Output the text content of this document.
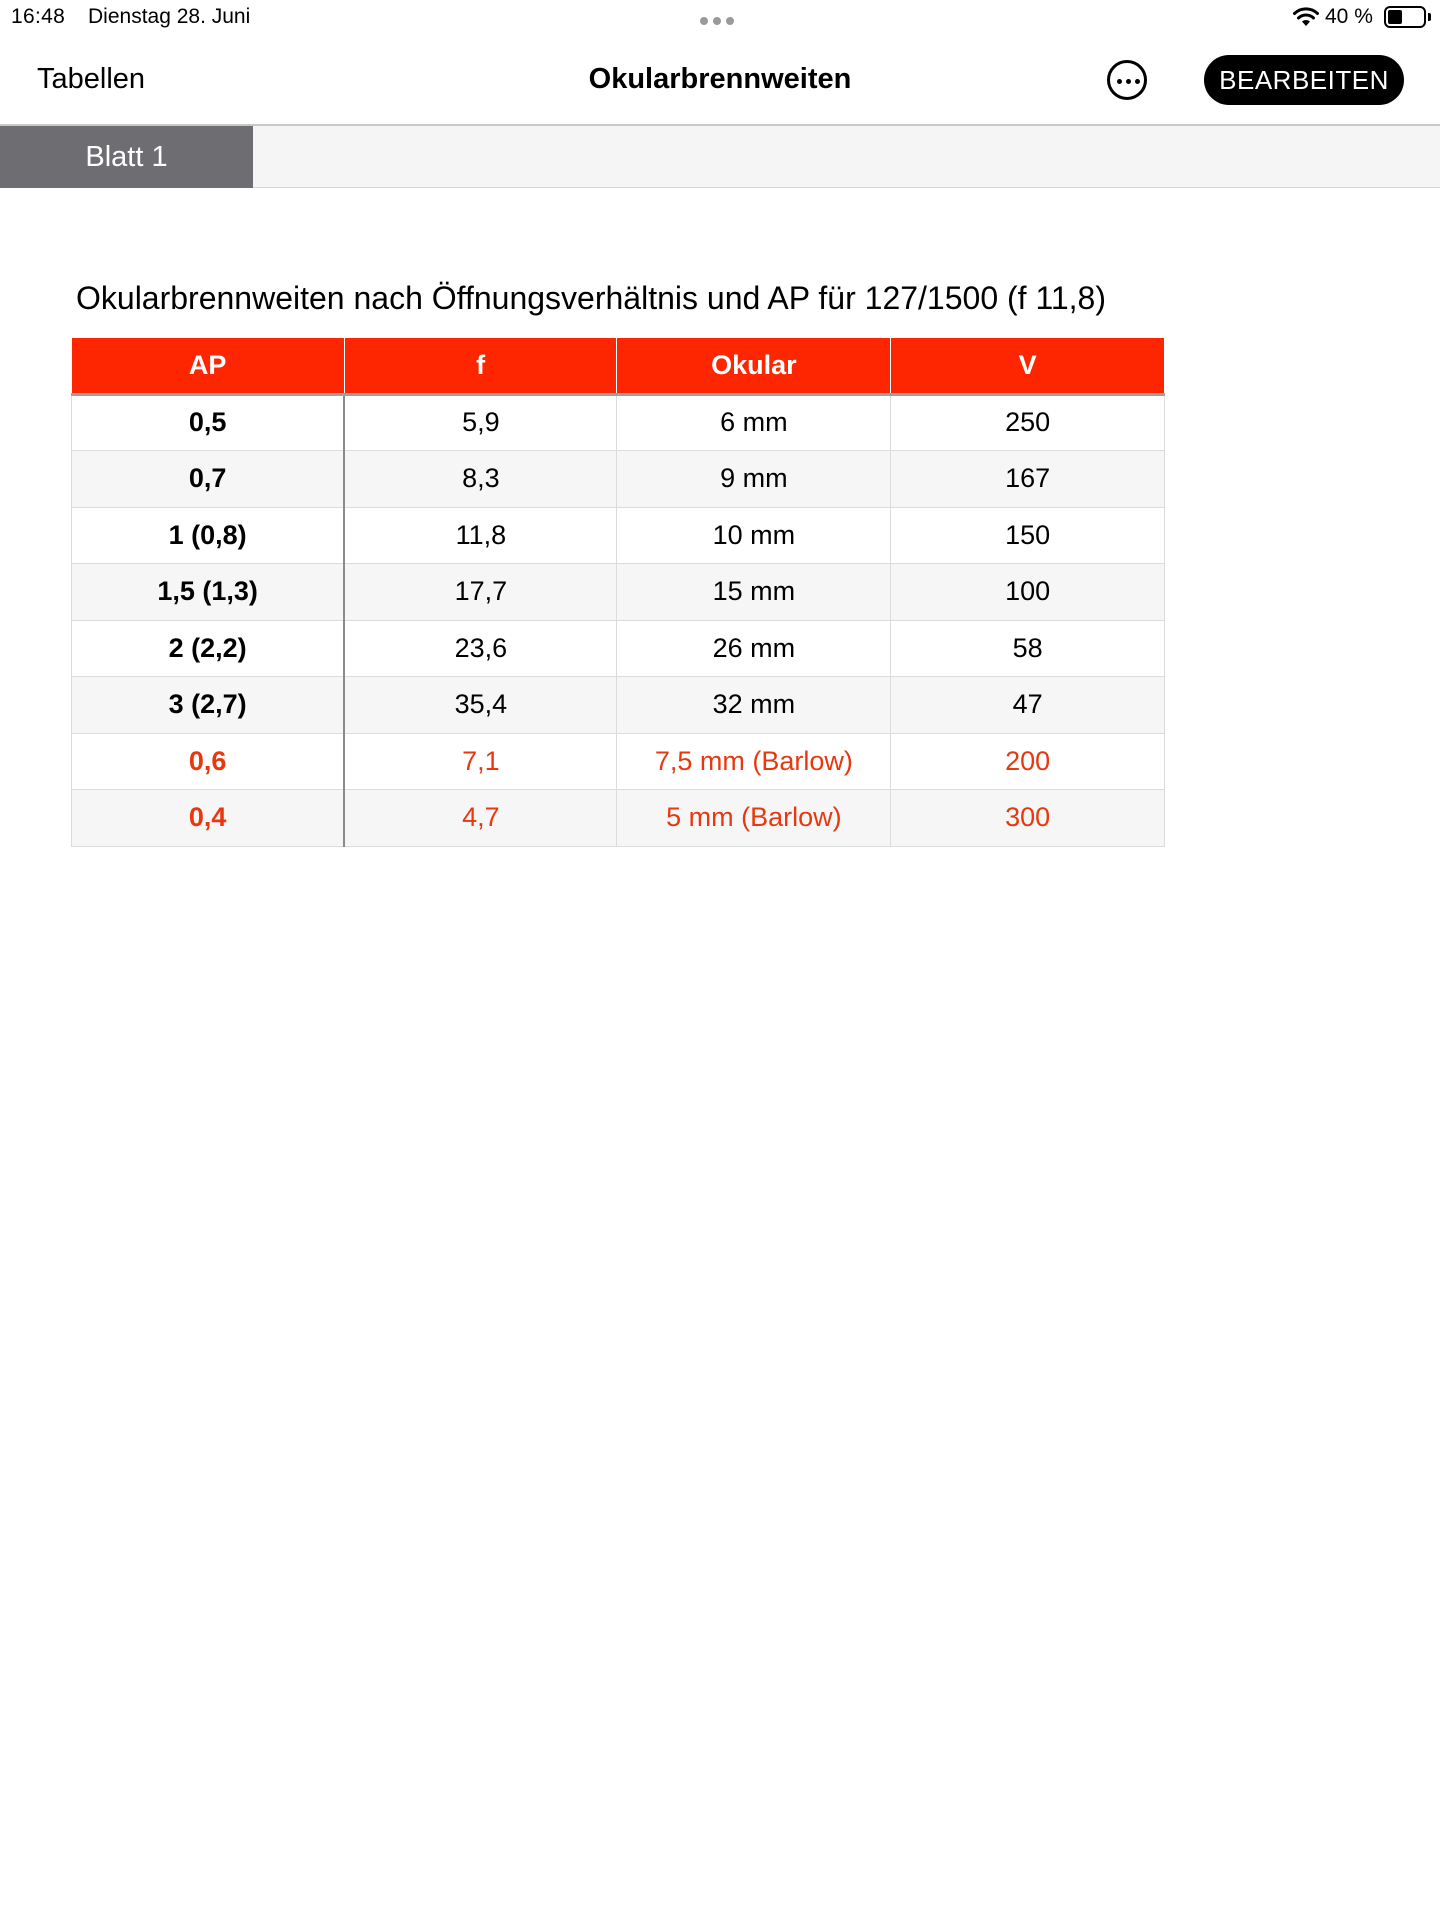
16:48 Dienstag 28. Juni	40 %
Tabellen	Okularbrennweiten	BEARBEITEN
Blatt 1
Okularbrennweiten nach Öffnungsverhältnis und AP für 127/1500 (f 11,8)
AP	f	Okular	V
0,5	5,9	6 mm	250
0,7	8,3	9 mm	167
1 (0,8)	11,8	10 mm	150
1,5 (1,3)	17,7	15 mm	100
2 (2,2)	23,6	26 mm	58
3 (2,7)	35,4	32 mm	47
0,6	7,1	7,5 mm (Barlow)	200
0,4	4,7	5 mm (Barlow)	300
